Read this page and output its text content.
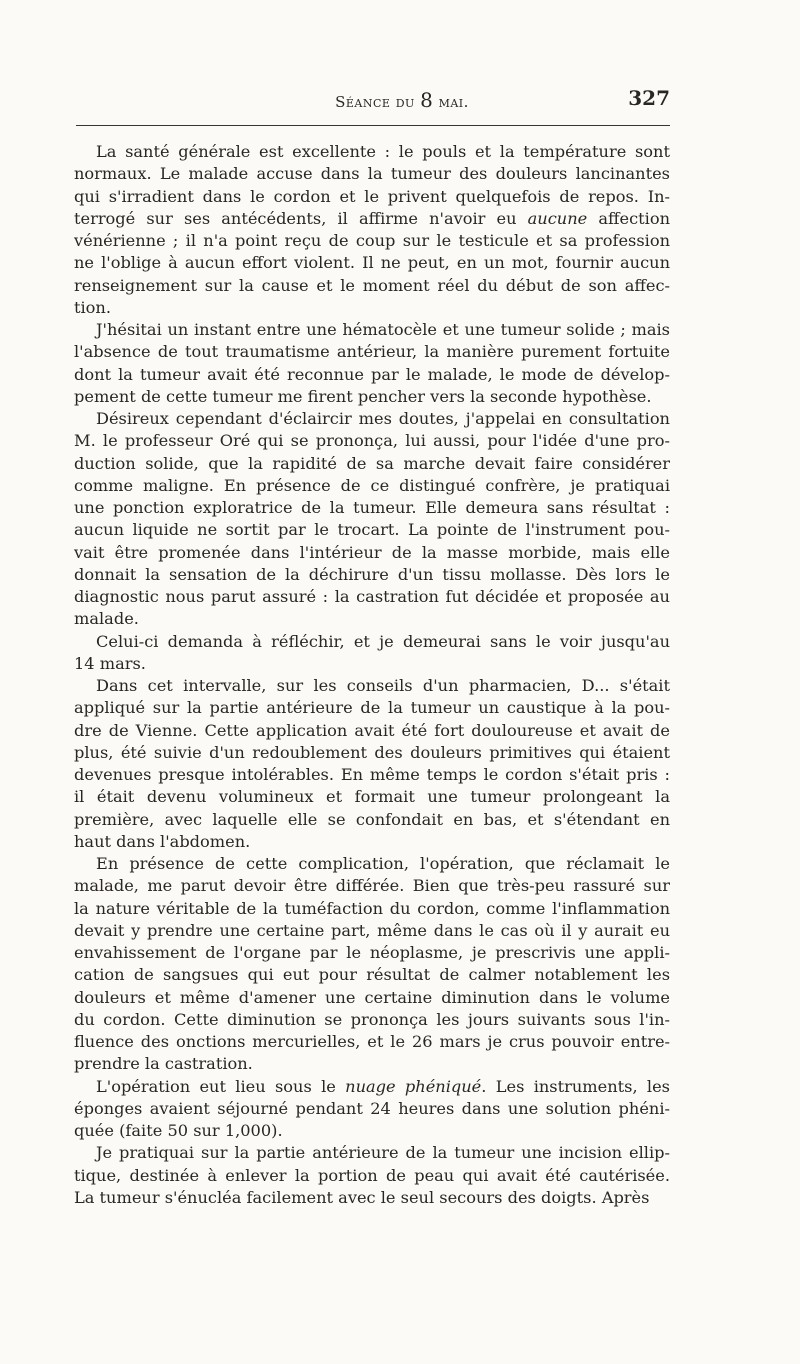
Séance du 8 mai.	327
La santé générale est excellente : le pouls et la température sont
normaux. Le malade accuse dans la tumeur des douleurs lancinantes
qui s'irradient dans le cordon et le privent quelquefois de repos. In-
terrogé sur ses antécédents, il affirme n'avoir eu aucune affection
vénérienne ; il n'a point reçu de coup sur le testicule et sa profession
ne l'oblige à aucun effort violent. Il ne peut, en un mot, fournir aucun
renseignement sur la cause et le moment réel du début de son affec-
tion.
J'hésitai un instant entre une hématocèle et une tumeur solide ; mais
l'absence de tout traumatisme antérieur, la manière purement fortuite
dont la tumeur avait été reconnue par le malade, le mode de dévelop-
pement de cette tumeur me firent pencher vers la seconde hypothèse.
Désireux cependant d'éclaircir mes doutes, j'appelai en consultation
M. le professeur Oré qui se prononça, lui aussi, pour l'idée d'une pro-
duction solide, que la rapidité de sa marche devait faire considérer
comme maligne. En présence de ce distingué confrère, je pratiquai
une ponction exploratrice de la tumeur. Elle demeura sans résultat :
aucun liquide ne sortit par le trocart. La pointe de l'instrument pou-
vait être promenée dans l'intérieur de la masse morbide, mais elle
donnait la sensation de la déchirure d'un tissu mollasse. Dès lors le
diagnostic nous parut assuré : la castration fut décidée et proposée au
malade.
Celui-ci demanda à réfléchir, et je demeurai sans le voir jusqu'au
14 mars.
Dans cet intervalle, sur les conseils d'un pharmacien, D... s'était
appliqué sur la partie antérieure de la tumeur un caustique à la pou-
dre de Vienne. Cette application avait été fort douloureuse et avait de
plus, été suivie d'un redoublement des douleurs primitives qui étaient
devenues presque intolérables. En même temps le cordon s'était pris :
il était devenu volumineux et formait une tumeur prolongeant la
première, avec laquelle elle se confondait en bas, et s'étendant en
haut dans l'abdomen.
En présence de cette complication, l'opération, que réclamait le
malade, me parut devoir être différée. Bien que très-peu rassuré sur
la nature véritable de la tuméfaction du cordon, comme l'inflammation
devait y prendre une certaine part, même dans le cas où il y aurait eu
envahissement de l'organe par le néoplasme, je prescrivis une appli-
cation de sangsues qui eut pour résultat de calmer notablement les
douleurs et même d'amener une certaine diminution dans le volume
du cordon. Cette diminution se prononça les jours suivants sous l'in-
fluence des onctions mercurielles, et le 26 mars je crus pouvoir entre-
prendre la castration.
L'opération eut lieu sous le nuage phéniqué. Les instruments, les
éponges avaient séjourné pendant 24 heures dans une solution phéni-
quée (faite 50 sur 1,000).
Je pratiquai sur la partie antérieure de la tumeur une incision ellip-
tique, destinée à enlever la portion de peau qui avait été cautérisée.
La tumeur s'énucléa facilement avec le seul secours des doigts. Après
